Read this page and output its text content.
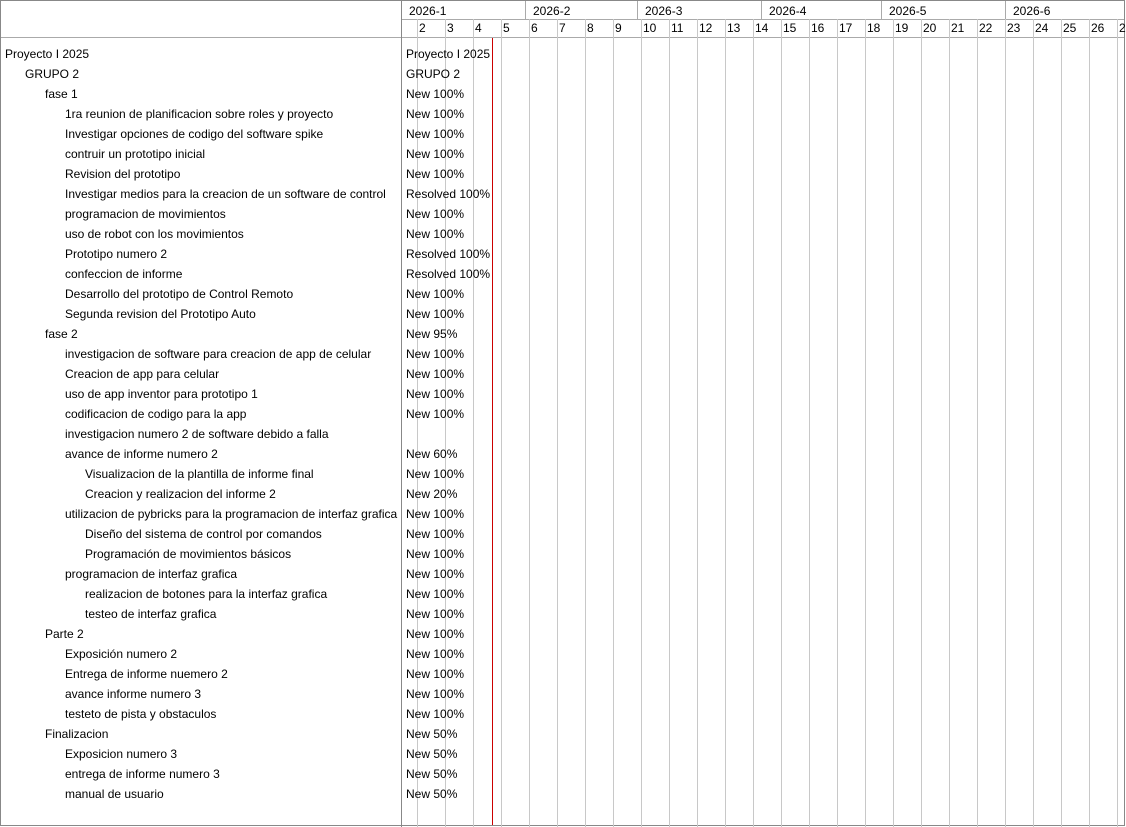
2026-1	2026-2	2026-3	2026-4	2026-5	2026-6
2 3 4 5 6 7 8 9 10 11 12 13 14 15 16 17 18 19 20 21 22 23 24 25 26 2
Proyecto I 2025	Proyecto I 2025
GRUPO 2	GRUPO 2
fase 1	New 100%
1ra reunion de planificacion sobre roles y proyecto	New 100%
Investigar opciones de codigo del software spike	New 100%
contruir un prototipo inicial	New 100%
Revision del prototipo	New 100%
Investigar medios para la creacion de un software de control	Resolved 100%
programacion de movimientos	New 100%
uso de robot con los movimientos	New 100%
Prototipo numero 2	Resolved 100%
confeccion de informe	Resolved 100%
Desarrollo del prototipo de Control Remoto	New 100%
Segunda revision del Prototipo Auto	New 100%
fase 2	New 95%
investigacion de software para creacion de app de celular	New 100%
Creacion de app para celular	New 100%
uso de app inventor para prototipo 1	New 100%
codificacion de codigo para la app	New 100%
investigacion numero 2 de software debido a falla
avance de informe numero 2	New 60%
Visualizacion de la plantilla de informe final	New 100%
Creacion y realizacion del informe 2	New 20%
utilizacion de pybricks para la programacion de interfaz grafica New 100%
Diseño del sistema de control por comandos	New 100%
Programación de movimientos básicos	New 100%
programacion de interfaz grafica	New 100%
realizacion de botones para la interfaz grafica	New 100%
testeo de interfaz grafica	New 100%
Parte 2	New 100%
Exposición numero 2	New 100%
Entrega de informe nuemero 2	New 100%
avance informe numero 3	New 100%
testeto de pista y obstaculos	New 100%
Finalizacion	New 50%
Exposicion numero 3	New 50%
entrega de informe numero 3	New 50%
manual de usuario	New 50%
